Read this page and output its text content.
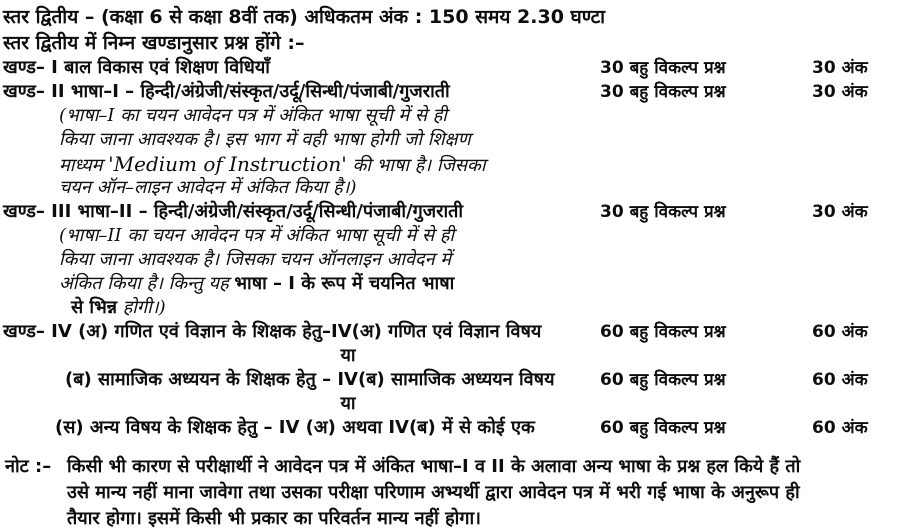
स्तर द्वितीय – (कक्षा 6 से कक्षा 8वीं तक) अधिकतम अंक : 150 समय 2.30 घण्टा
स्तर द्वितीय में निम्न खण्डानुसार प्रश्न होंगे :–
खण्ड– I बाल विकास एवं शिक्षण विधियाँ	30 बहु विकल्प प्रश्न	30 अंक
खण्ड– II भाषा–I – हिन्दी/अंग्रेजी/संस्कृत/उर्दू/सिन्धी/पंजाबी/गुजराती	30 बहु विकल्प प्रश्न	30 अंक
(भाषा–I का चयन आवेदन पत्र में अंकित भाषा सूची में से ही
किया जाना आवश्यक है। इस भाग में वही भाषा होगी जो शिक्षण
माध्यम 'Medium of Instruction' की भाषा है। जिसका
चयन ऑन–लाइन आवेदन में अंकित किया है।)
खण्ड– III भाषा–II – हिन्दी/अंग्रेजी/संस्कृत/उर्दू/सिन्धी/पंजाबी/गुजराती	30 बहु विकल्प प्रश्न	30 अंक
(भाषा–II का चयन आवेदन पत्र में अंकित भाषा सूची में से ही
किया जाना आवश्यक है। जिसका चयन ऑनलाइन आवेदन में
अंकित किया है। किन्तु यह भाषा – I के रूप में चयनित भाषा
से भिन्न होगी।)
खण्ड– IV (अ) गणित एवं विज्ञान के शिक्षक हेतु–IV(अ) गणित एवं विज्ञान विषय	60 बहु विकल्प प्रश्न	60 अंक
या
(ब) सामाजिक अध्ययन के शिक्षक हेतु – IV(ब) सामाजिक अध्ययन विषय	60 बहु विकल्प प्रश्न	60 अंक
या
(स) अन्य विषय के शिक्षक हेतु – IV (अ) अथवा IV(ब) में से कोई एक	60 बहु विकल्प प्रश्न	60 अंक
नोट :– किसी भी कारण से परीक्षार्थी ने आवेदन पत्र में अंकित भाषा–I व II के अलावा अन्य भाषा के प्रश्न हल किये हैं तो
उसे मान्य नहीं माना जावेगा तथा उसका परीक्षा परिणाम अभ्यर्थी द्वारा आवेदन पत्र में भरी गई भाषा के अनुरूप ही
तैयार होगा। इसमें किसी भी प्रकार का परिवर्तन मान्य नहीं होगा।
